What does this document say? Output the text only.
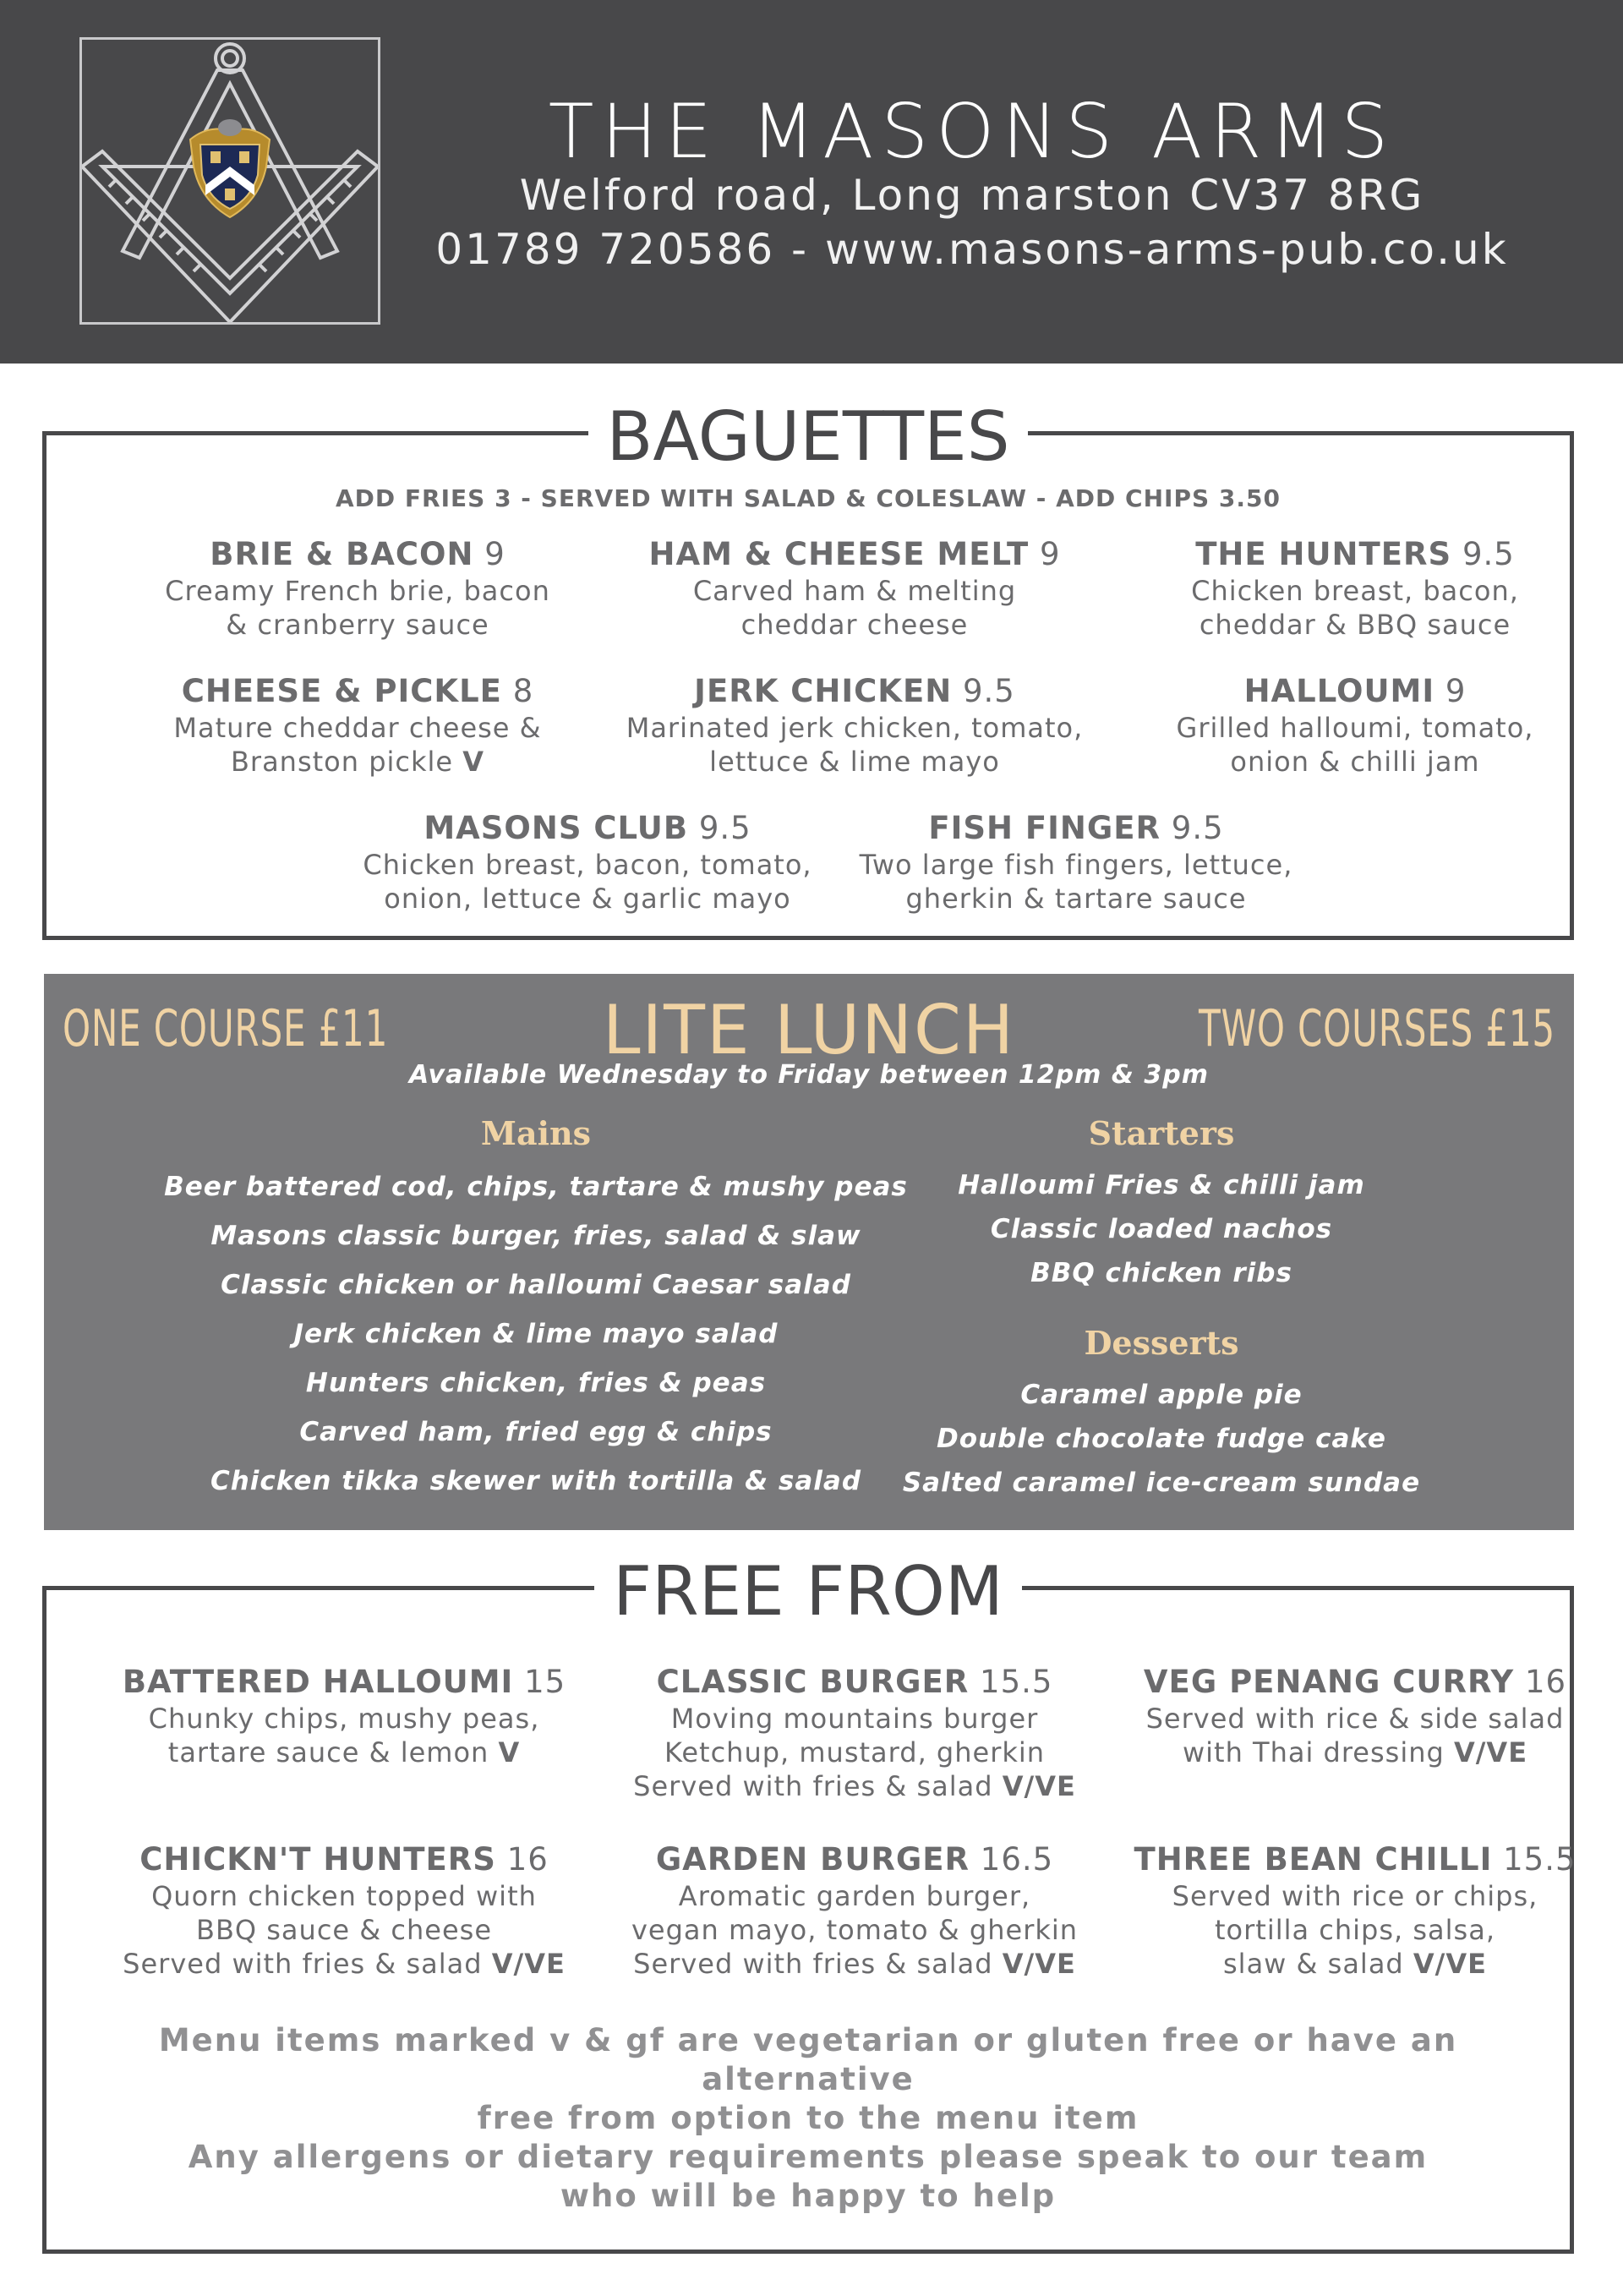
THE MASONS ARMS
Welford road, Long marston CV37 8RG
01789 720586 - www.masons-arms-pub.co.uk
BAGUETTES
ADD FRIES 3 - SERVED WITH SALAD & COLESLAW - ADD CHIPS 3.50
BRIE & BACON 9
Creamy French brie, bacon
& cranberry sauce
HAM & CHEESE MELT 9
Carved ham & melting
cheddar cheese
THE HUNTERS 9.5
Chicken breast, bacon,
cheddar & BBQ sauce
CHEESE & PICKLE 8
Mature cheddar cheese &
Branston pickle V
JERK CHICKEN 9.5
Marinated jerk chicken, tomato,
lettuce & lime mayo
HALLOUMI 9
Grilled halloumi, tomato,
onion & chilli jam
MASONS CLUB 9.5
Chicken breast, bacon, tomato,
onion, lettuce & garlic mayo
FISH FINGER 9.5
Two large fish fingers, lettuce,
gherkin & tartare sauce
ONE COURSE £11	LITE LUNCH	TWO COURSES £15
Available Wednesday to Friday between 12pm & 3pm
Mains
Beer battered cod, chips, tartare & mushy peas
Masons classic burger, fries, salad & slaw
Classic chicken or halloumi Caesar salad
Jerk chicken & lime mayo salad
Hunters chicken, fries & peas
Carved ham, fried egg & chips
Chicken tikka skewer with tortilla & salad
Starters
Halloumi Fries & chilli jam
Classic loaded nachos
BBQ chicken ribs
Desserts
Caramel apple pie
Double chocolate fudge cake
Salted caramel ice-cream sundae
FREE FROM
BATTERED HALLOUMI 15
Chunky chips, mushy peas,
tartare sauce & lemon V
CLASSIC BURGER 15.5
Moving mountains burger
Ketchup, mustard, gherkin
Served with fries & salad V/VE
VEG PENANG CURRY 16
Served with rice & side salad
with Thai dressing V/VE
CHICKN'T HUNTERS 16
Quorn chicken topped with
BBQ sauce & cheese
Served with fries & salad V/VE
GARDEN BURGER 16.5
Aromatic garden burger,
vegan mayo, tomato & gherkin
Served with fries & salad V/VE
THREE BEAN CHILLI 15.5
Served with rice or chips,
tortilla chips, salsa,
slaw & salad V/VE
Menu items marked v & gf are vegetarian or gluten free or have an alternative
free from option to the menu item
Any allergens or dietary requirements please speak to our team
who will be happy to help
